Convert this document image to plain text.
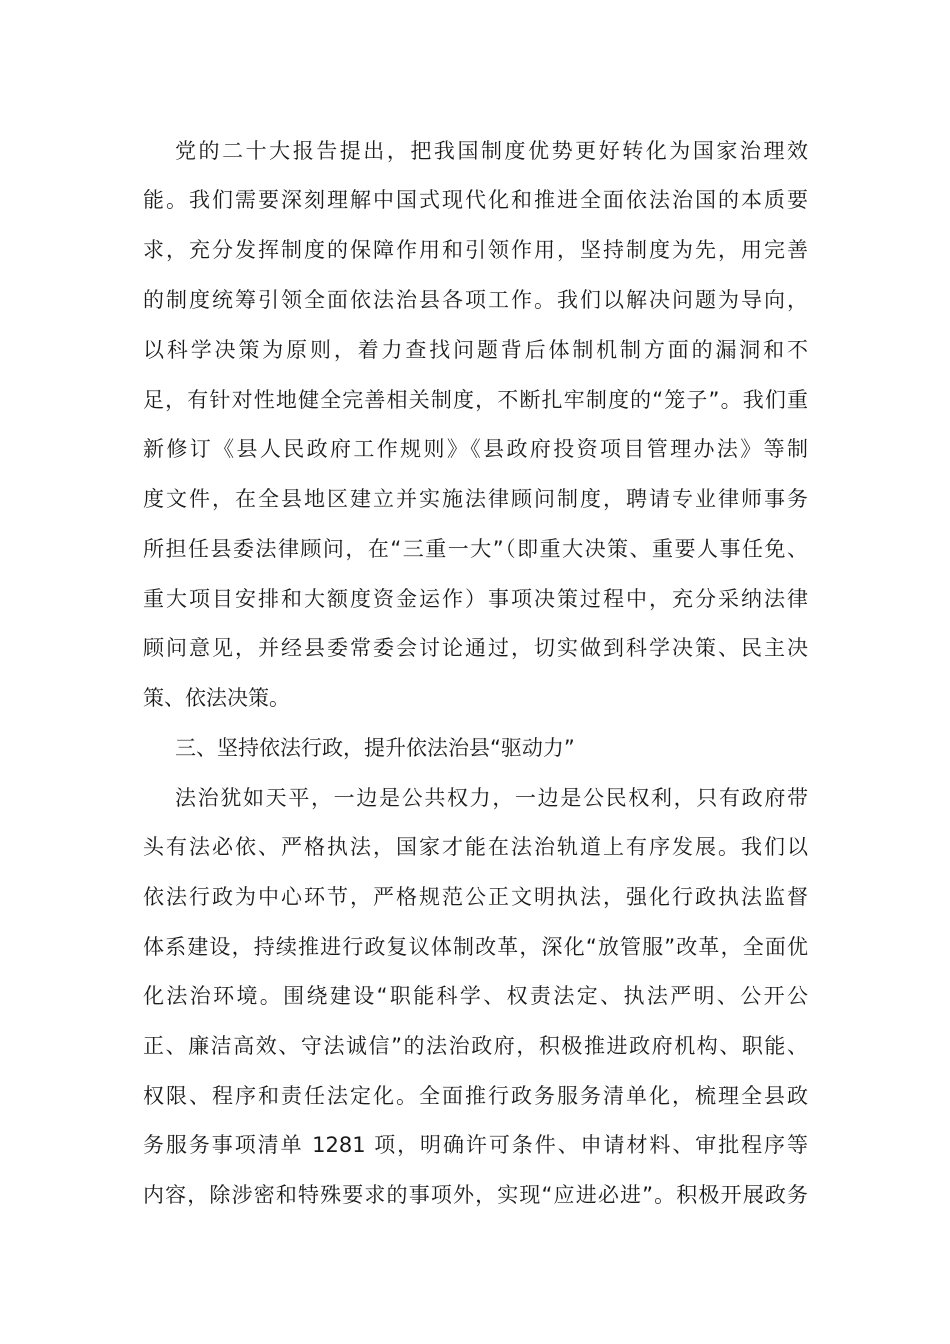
党的二十大报告提出，把我国制度优势更好转化为国家治理效
能。我们需要深刻理解中国式现代化和推进全面依法治国的本质要
求，充分发挥制度的保障作用和引领作用，坚持制度为先，用完善
的制度统筹引领全面依法治县各项工作。我们以解决问题为导向，
以科学决策为原则，着力查找问题背后体制机制方面的漏洞和不
足，有针对性地健全完善相关制度，不断扎牢制度的“笼子”。我们重
新修订《县人民政府工作规则》《县政府投资项目管理办法》等制
度文件，在全县地区建立并实施法律顾问制度，聘请专业律师事务
所担任县委法律顾问，在“三重一大”（即重大决策、重要人事任免、
重大项目安排和大额度资金运作）事项决策过程中，充分采纳法律
顾问意见，并经县委常委会讨论通过，切实做到科学决策、民主决
策、依法决策。
三、坚持依法行政，提升依法治县“驱动力”
法治犹如天平，一边是公共权力，一边是公民权利，只有政府带
头有法必依、严格执法，国家才能在法治轨道上有序发展。我们以
依法行政为中心环节，严格规范公正文明执法，强化行政执法监督
体系建设，持续推进行政复议体制改革，深化“放管服”改革，全面优
化法治环境。围绕建设“职能科学、权责法定、执法严明、公开公
正、廉洁高效、守法诚信”的法治政府，积极推进政府机构、职能、
权限、程序和责任法定化。全面推行政务服务清单化，梳理全县政
务服务事项清单 1281 项，明确许可条件、申请材料、审批程序等
内容，除涉密和特殊要求的事项外，实现“应进必进”。积极开展政务
